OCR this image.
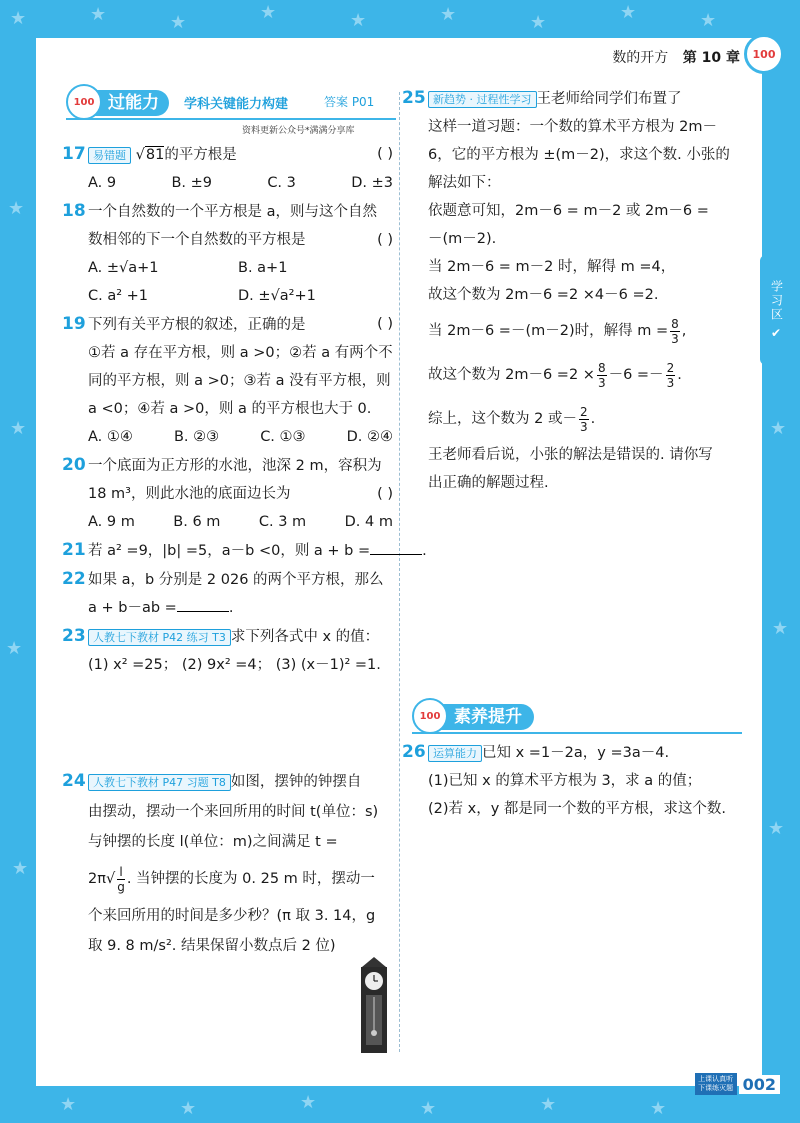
★	★	★	★	★	★	★	★	★
★
★
★
★
★
★
★
★	★	★	★	★	★
数的开方 第 10 章	100
学习区
✔
过能力
100	学科关键能力构建	答案 P01
资料更新公众号*满满分享库
17 易错题 √81的平方根是	( )
A. 9	B. ±9	C. 3	D. ±3
18 一个自然数的一个平方根是 a，则与这个自然
数相邻的下一个自然数的平方根是	( )
A. ±√a+1	B. a+1
C. a² +1	D. ±√a²+1
19 下列有关平方根的叙述，正确的是	( )
①若 a 存在平方根，则 a >0；②若 a 有两个不
同的平方根，则 a >0；③若 a 没有平方根，则
a <0；④若 a >0，则 a 的平方根也大于 0.
A. ①④	B. ②③	C. ①③	D. ②④
20 一个底面为正方形的水池，池深 2 m，容积为
18 m³，则此水池的底面边长为	( )
A. 9 m	B. 6 m	C. 3 m	D. 4 m
21 若 a² =9，|b| =5，a－b <0，则 a + b =	.
22 如果 a，b 分别是 2 026 的两个平方根，那么
a + b－ab =	.
23 人教七下教材 P42 练习 T3 求下列各式中 x 的值：
(1) x² =25； (2) 9x² =4； (3) (x－1)² =1.
24 人教七下教材 P47 习题 T8 如图，摆钟的钟摆自
由摆动，摆动一个来回所用的时间 t(单位：s)
与钟摆的长度 l(单位：m)之间满足 t =
$2\pi√ \frac{l}{g}$ . 当钟摆的长度为 0. 25 m 时，摆动一
个来回所用的时间是多少秒？(π 取 3. 14，g
取 9. 8 m/s². 结果保留小数点后 2 位)
25 新趋势 · 过程性学习 王老师给同学们布置了
这样一道习题：一个数的算术平方根为 2m－
6，它的平方根为 ±(m－2)，求这个数. 小张的
解法如下：
依题意可知，2m－6 = m－2 或 2m－6 =
－(m－2).
当 2m－6 = m－2 时，解得 m =4，
故这个数为 2m－6 =2 ×4－6 =2.
当 2m－6 =－(m－2)时，解得 $m = \frac{8}{3}$ ,
故这个数为 $2m-6 =2 \times \frac{8}{3} -6 =- \frac{2}{3}$ .
综上，这个数为 2 或－ $\frac{2}{3}$ .
王老师看后说，小张的解法是错误的. 请你写
出正确的解题过程.
素养提升
100
26 运算能力 已知 x =1－2a，y =3a－4.
(1)已知 x 的算术平方根为 3，求 a 的值；
(2)若 x，y 都是同一个数的平方根，求这个数.
上课认真听 下课练灭题 002
